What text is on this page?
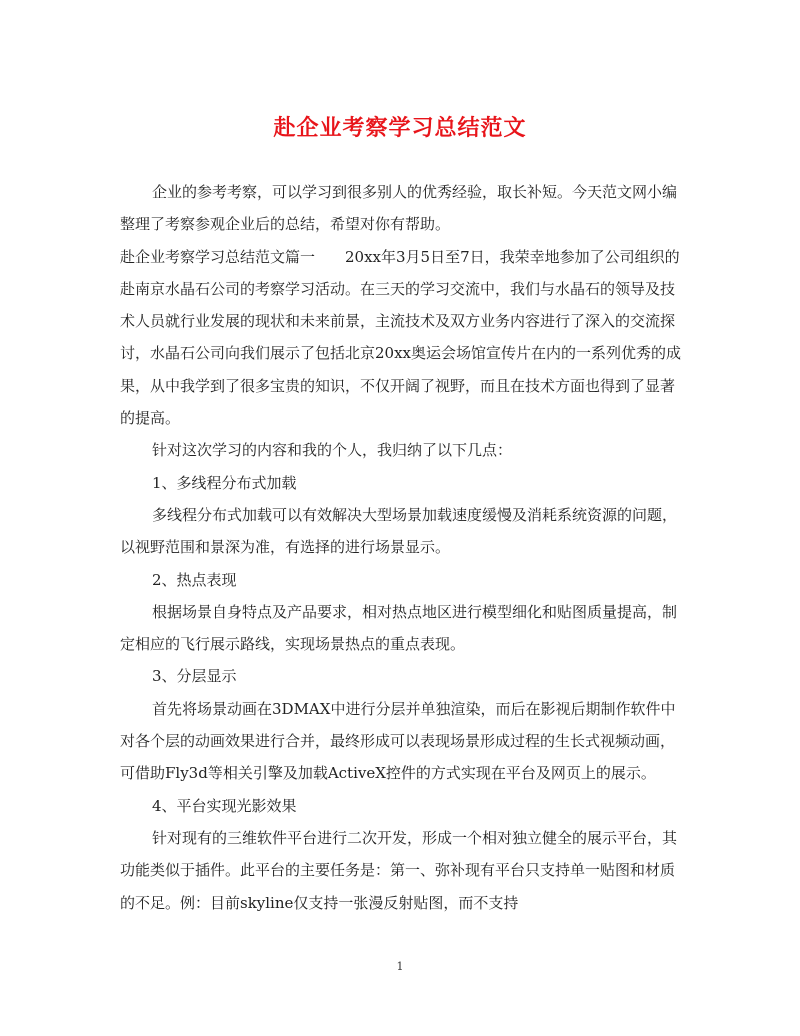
赴企业考察学习总结范文

企业的参考考察，可以学习到很多别人的优秀经验，取长补短。今天范文网小编整理了考察参观企业后的总结，希望对你有帮助。

赴企业考察学习总结范文篇一　　20xx年3月5日至7日，我荣幸地参加了公司组织的赴南京水晶石公司的考察学习活动。在三天的学习交流中，我们与水晶石的领导及技术人员就行业发展的现状和未来前景，主流技术及双方业务内容进行了深入的交流探讨，水晶石公司向我们展示了包括北京20xx奥运会场馆宣传片在内的一系列优秀的成果，从中我学到了很多宝贵的知识，不仅开阔了视野，而且在技术方面也得到了显著的提高。

针对这次学习的内容和我的个人，我归纳了以下几点：

1、多线程分布式加载

多线程分布式加载可以有效解决大型场景加载速度缓慢及消耗系统资源的问题，以视野范围和景深为准，有选择的进行场景显示。

2、热点表现

根据场景自身特点及产品要求，相对热点地区进行模型细化和贴图质量提高，制定相应的飞行展示路线，实现场景热点的重点表现。

3、分层显示

首先将场景动画在3DMAX中进行分层并单独渲染，而后在影视后期制作软件中对各个层的动画效果进行合并，最终形成可以表现场景形成过程的生长式视频动画，可借助Fly3d等相关引擎及加载ActiveX控件的方式实现在平台及网页上的展示。

4、平台实现光影效果

针对现有的三维软件平台进行二次开发，形成一个相对独立健全的展示平台，其功能类似于插件。此平台的主要任务是：第一、弥补现有平台只支持单一贴图和材质的不足。例：目前skyline仅支持一张漫反射贴图，而不支持

1
